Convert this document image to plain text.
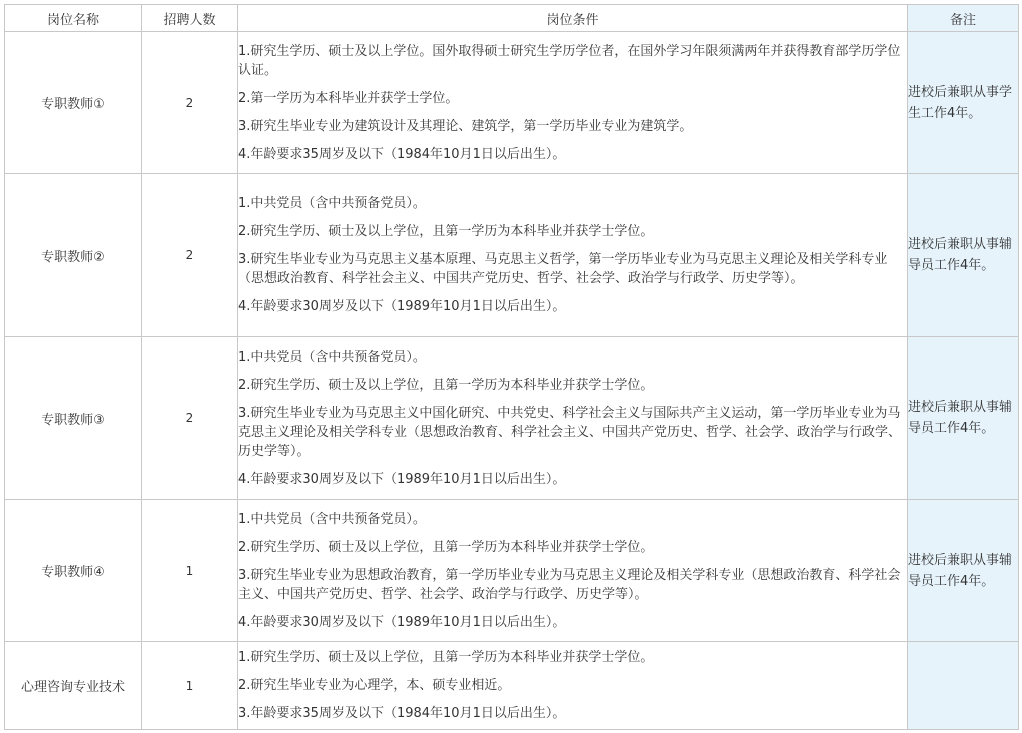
岗位名称	招聘人数	岗位条件	备注
专职教师①	2	1.研究生学历、硕士及以上学位。国外取得硕士研究生学历学位者，在国外学习年限须满两年并获得教育部学历学位认证。

2.第一学历为本科毕业并获学士学位。

3.研究生毕业专业为建筑设计及其理论、建筑学，第一学历毕业专业为建筑学。

4.年龄要求35周岁及以下（1984年10月1日以后出生）。	进校后兼职从事学生工作4年。
专职教师②	2	1.中共党员（含中共预备党员）。

2.研究生学历、硕士及以上学位，且第一学历为本科毕业并获学士学位。

3.研究生毕业专业为马克思主义基本原理、马克思主义哲学，第一学历毕业专业为马克思主义理论及相关学科专业（思想政治教育、科学社会主义、中国共产党历史、哲学、社会学、政治学与行政学、历史学等）。

4.年龄要求30周岁及以下（1989年10月1日以后出生）。	进校后兼职从事辅导员工作4年。
专职教师③	2	1.中共党员（含中共预备党员）。

2.研究生学历、硕士及以上学位，且第一学历为本科毕业并获学士学位。

3.研究生毕业专业为马克思主义中国化研究、中共党史、科学社会主义与国际共产主义运动，第一学历毕业专业为马克思主义理论及相关学科专业（思想政治教育、科学社会主义、中国共产党历史、哲学、社会学、政治学与行政学、历史学等）。

4.年龄要求30周岁及以下（1989年10月1日以后出生）。	进校后兼职从事辅导员工作4年。
专职教师④	1	1.中共党员（含中共预备党员）。

2.研究生学历、硕士及以上学位，且第一学历为本科毕业并获学士学位。

3.研究生毕业专业为思想政治教育，第一学历毕业专业为马克思主义理论及相关学科专业（思想政治教育、科学社会主义、中国共产党历史、哲学、社会学、政治学与行政学、历史学等）。

4.年龄要求30周岁及以下（1989年10月1日以后出生）。	进校后兼职从事辅导员工作4年。
心理咨询专业技术	1	1.研究生学历、硕士及以上学位，且第一学历为本科毕业并获学士学位。

2.研究生毕业专业为心理学，本、硕专业相近。

3.年龄要求35周岁及以下（1984年10月1日以后出生）。	
